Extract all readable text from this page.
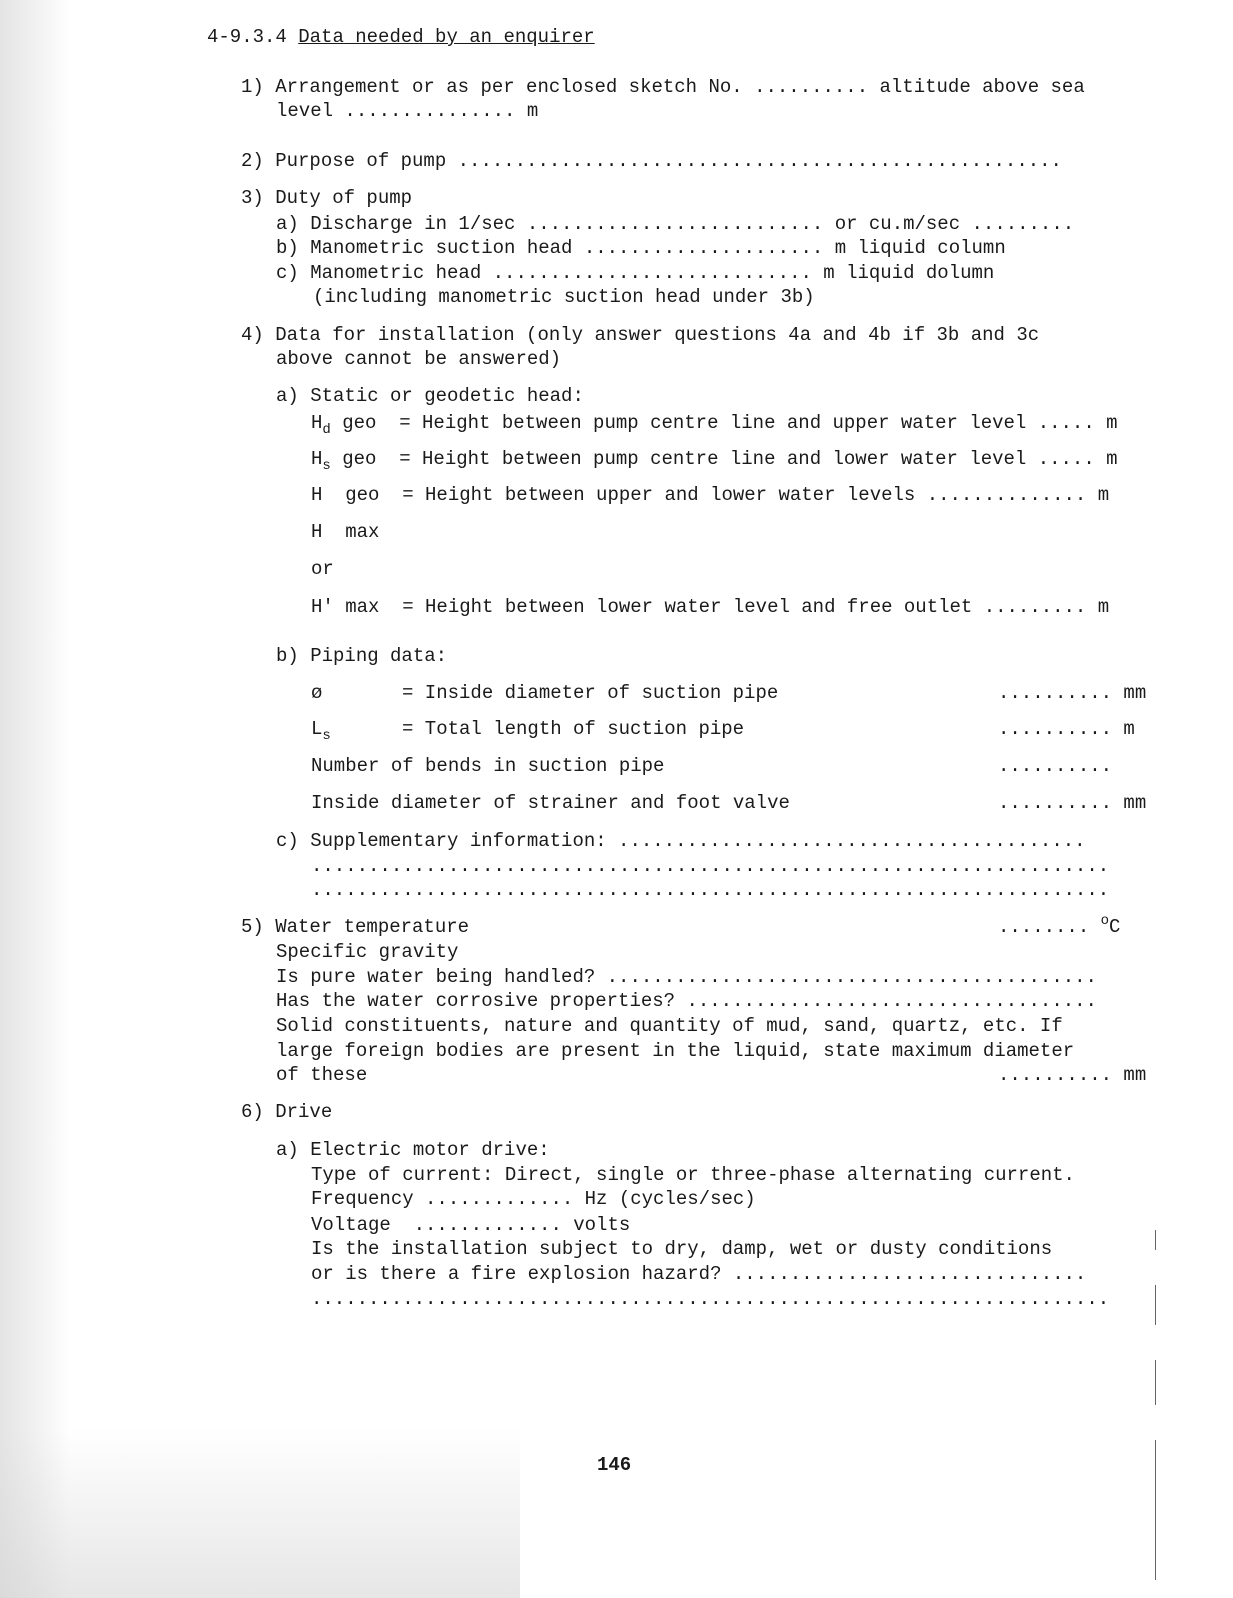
4-9.3.4 Data needed by an enquirer
1) Arrangement or as per enclosed sketch No. .......... altitude above sea
level ............... m
2) Purpose of pump .....................................................
3) Duty of pump
a) Discharge in 1/sec .......................... or cu.m/sec .........
b) Manometric suction head ..................... m liquid column
c) Manometric head ............................ m liquid dolumn
(including manometric suction head under 3b)
4) Data for installation (only answer questions 4a and 4b if 3b and 3c
above cannot be answered)
a) Static or geodetic head:
$H_d$ geo  = Height between pump centre line and upper water level ..... m
$H_s$ geo  = Height between pump centre line and lower water level ..... m
H  geo  = Height between upper and lower water levels .............. m
H  max
or
H' max  = Height between lower water level and free outlet ......... m
b) Piping data:
ø	= Inside diameter of suction pipe	.......... mm
$L_s$	= Total length of suction pipe	.......... m
Number of bends in suction pipe	..........
Inside diameter of strainer and foot valve	.......... mm
c) Supplementary information: .........................................
......................................................................
......................................................................
5) Water temperature	........ $^o$C
Specific gravity
Is pure water being handled? ...........................................
Has the water corrosive properties? ....................................
Solid constituents, nature and quantity of mud, sand, quartz, etc. If
large foreign bodies are present in the liquid, state maximum diameter
of these	.......... mm
6) Drive
a) Electric motor drive:
Type of current: Direct, single or three-phase alternating current.
Frequency ............. Hz (cycles/sec)
Voltage  ............. volts
Is the installation subject to dry, damp, wet or dusty conditions
or is there a fire explosion hazard? ...............................
......................................................................
146
